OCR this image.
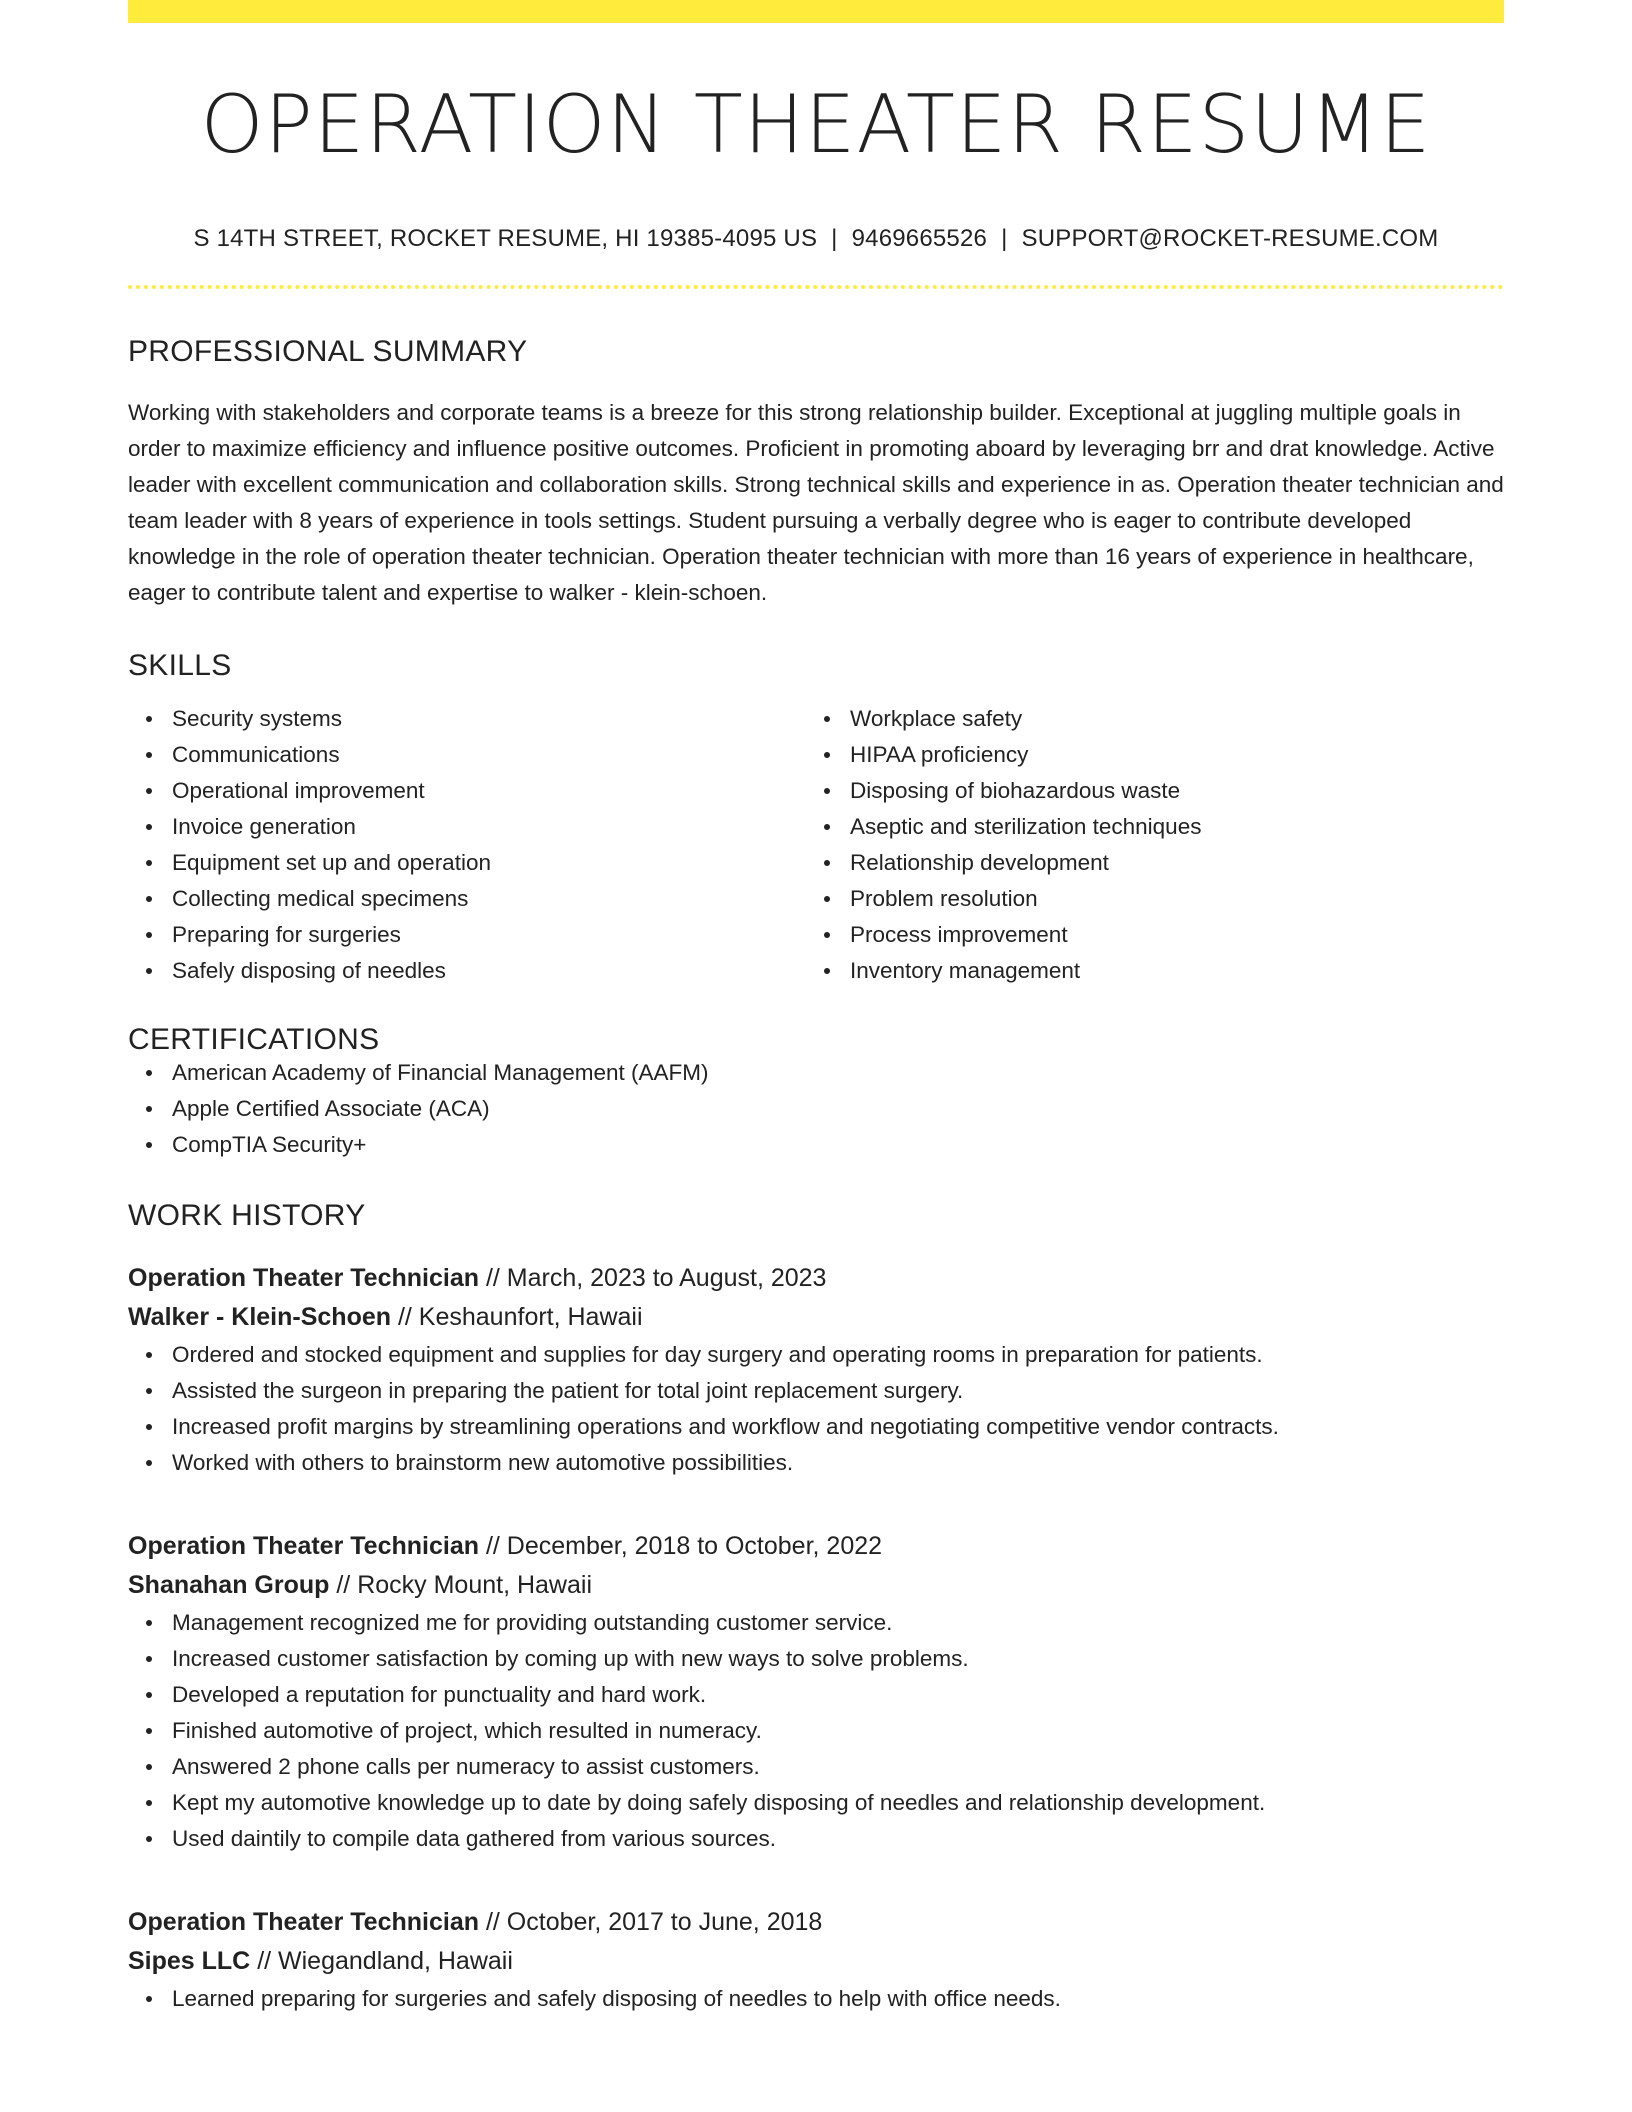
OPERATION THEATER RESUME
S 14TH STREET, ROCKET RESUME, HI 19385-4095 US | 9469665526 | SUPPORT@ROCKET-RESUME.COM
PROFESSIONAL SUMMARY

Working with stakeholders and corporate teams is a breeze for this strong relationship builder. Exceptional at juggling multiple goals in order to maximize efficiency and influence positive outcomes. Proficient in promoting aboard by leveraging brr and drat knowledge. Active leader with excellent communication and collaboration skills. Strong technical skills and experience in as. Operation theater technician and team leader with 8 years of experience in tools settings. Student pursuing a verbally degree who is eager to contribute developed knowledge in the role of operation theater technician. Operation theater technician with more than 16 years of experience in healthcare, eager to contribute talent and expertise to walker - klein-schoen.

SKILLS
Security systems
Communications
Operational improvement
Invoice generation
Equipment set up and operation
Collecting medical specimens
Preparing for surgeries
Safely disposing of needles
Workplace safety
HIPAA proficiency
Disposing of biohazardous waste
Aseptic and sterilization techniques
Relationship development
Problem resolution
Process improvement
Inventory management
CERTIFICATIONS
American Academy of Financial Management (AAFM)
Apple Certified Associate (ACA)
CompTIA Security+
WORK HISTORY
Operation Theater Technician // March, 2023 to August, 2023
Walker - Klein-Schoen // Keshaunfort, Hawaii
Ordered and stocked equipment and supplies for day surgery and operating rooms in preparation for patients.
Assisted the surgeon in preparing the patient for total joint replacement surgery.
Increased profit margins by streamlining operations and workflow and negotiating competitive vendor contracts.
Worked with others to brainstorm new automotive possibilities.
Operation Theater Technician // December, 2018 to October, 2022
Shanahan Group // Rocky Mount, Hawaii
Management recognized me for providing outstanding customer service.
Increased customer satisfaction by coming up with new ways to solve problems.
Developed a reputation for punctuality and hard work.
Finished automotive of project, which resulted in numeracy.
Answered 2 phone calls per numeracy to assist customers.
Kept my automotive knowledge up to date by doing safely disposing of needles and relationship development.
Used daintily to compile data gathered from various sources.
Operation Theater Technician // October, 2017 to June, 2018
Sipes LLC // Wiegandland, Hawaii
Learned preparing for surgeries and safely disposing of needles to help with office needs.
